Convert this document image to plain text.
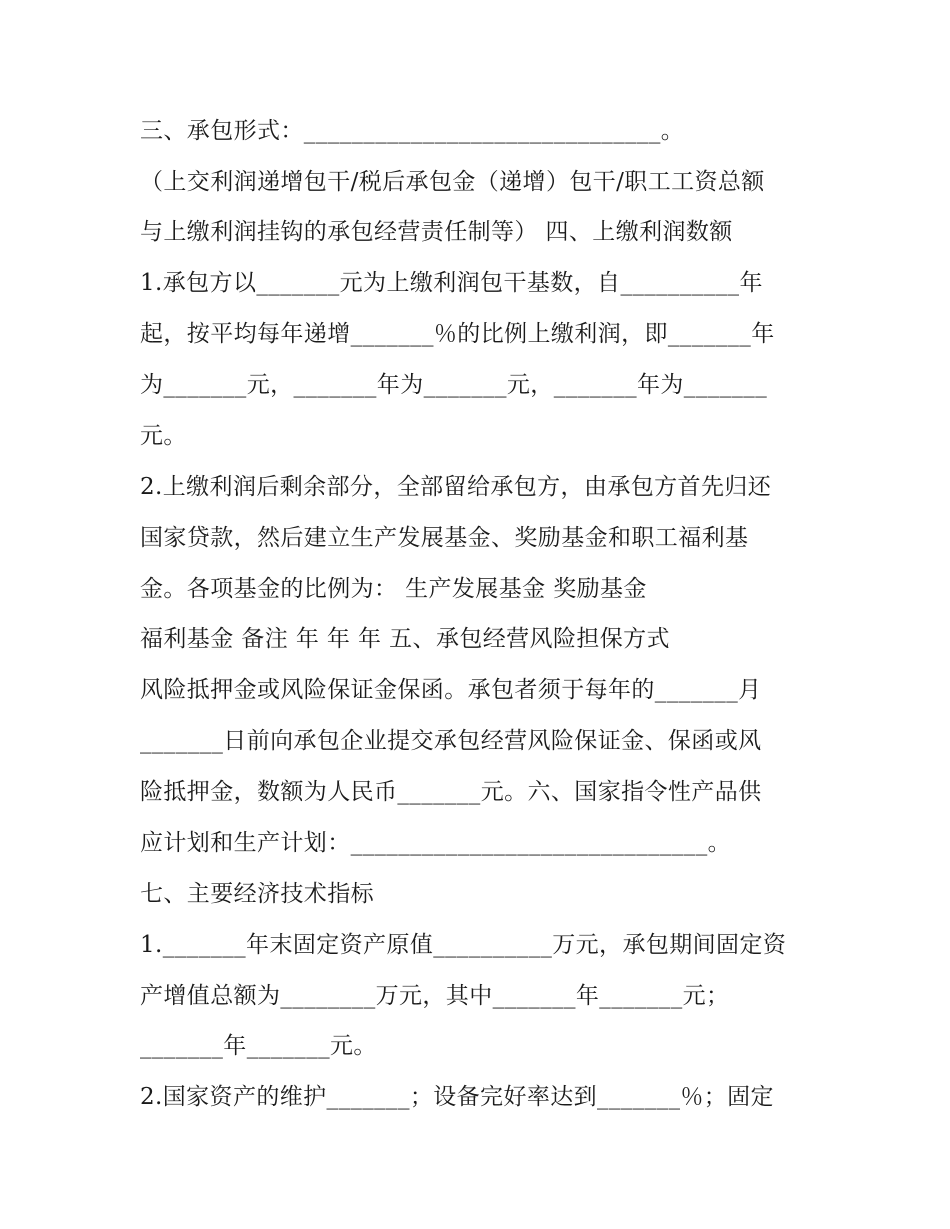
三、承包形式：______________________________。
（上交利润递增包干/税后承包金（递增）包干/职工工资总额
与上缴利润挂钩的承包经营责任制等） 四、上缴利润数额
1.承包方以_______元为上缴利润包干基数，自__________年
起，按平均每年递增_______％的比例上缴利润，即_______年
为_______元，_______年为_______元，_______年为_______
元。
2.上缴利润后剩余部分，全部留给承包方，由承包方首先归还
国家贷款，然后建立生产发展基金、奖励基金和职工福利基
金。各项基金的比例为： 生产发展基金 奖励基金
福利基金 备注 年 年 年 五、承包经营风险担保方式
风险抵押金或风险保证金保函。承包者须于每年的_______月
_______日前向承包企业提交承包经营风险保证金、保函或风
险抵押金，数额为人民币_______元。六、国家指令性产品供
应计划和生产计划：______________________________。
七、主要经济技术指标
1._______年末固定资产原值__________万元，承包期间固定资
产增值总额为________万元，其中_______年_______元；
_______年_______元。
2.国家资产的维护_______；设备完好率达到_______％；固定
